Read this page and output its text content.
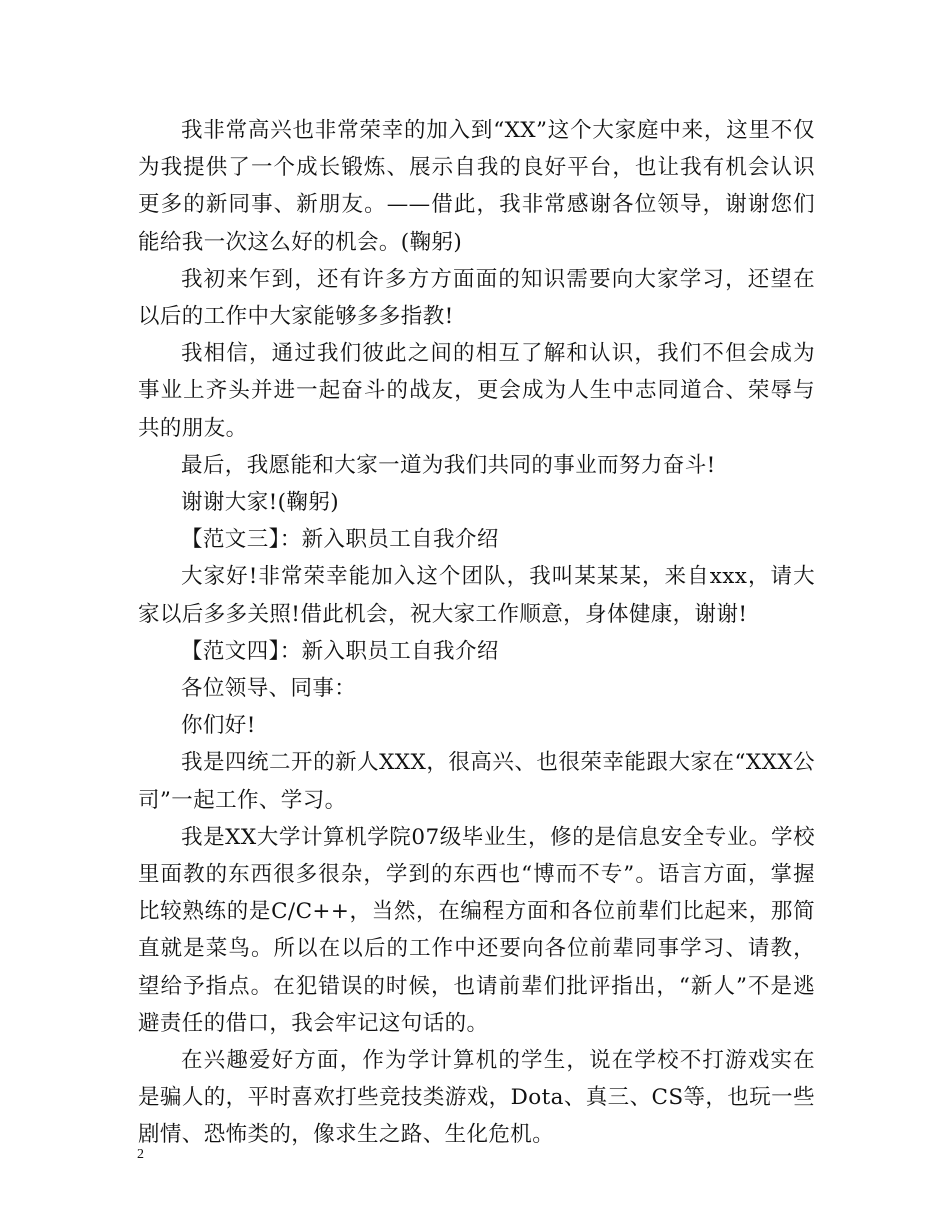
我非常高兴也非常荣幸的加入到“XX”这个大家庭中来，这里不仅为我提供了一个成长锻炼、展示自我的良好平台，也让我有机会认识更多的新同事、新朋友。——借此，我非常感谢各位领导，谢谢您们能给我一次这么好的机会。(鞠躬)

我初来乍到，还有许多方方面面的知识需要向大家学习，还望在以后的工作中大家能够多多指教!

我相信，通过我们彼此之间的相互了解和认识，我们不但会成为事业上齐头并进一起奋斗的战友，更会成为人生中志同道合、荣辱与共的朋友。

最后，我愿能和大家一道为我们共同的事业而努力奋斗!

谢谢大家!(鞠躬)

【范文三】：新入职员工自我介绍

大家好!非常荣幸能加入这个团队，我叫某某某，来自xxx，请大家以后多多关照!借此机会，祝大家工作顺意，身体健康，谢谢!

【范文四】：新入职员工自我介绍

各位领导、同事：

你们好!

我是四统二开的新人XXX，很高兴、也很荣幸能跟大家在“XXX公司”一起工作、学习。

我是XX大学计算机学院07级毕业生，修的是信息安全专业。学校里面教的东西很多很杂，学到的东西也“博而不专”。语言方面，掌握比较熟练的是C/C++，当然，在编程方面和各位前辈们比起来，那简直就是菜鸟。所以在以后的工作中还要向各位前辈同事学习、请教，望给予指点。在犯错误的时候，也请前辈们批评指出，“新人”不是逃避责任的借口，我会牢记这句话的。

在兴趣爱好方面，作为学计算机的学生，说在学校不打游戏实在是骗人的，平时喜欢打些竞技类游戏，Dota、真三、CS等，也玩一些剧情、恐怖类的，像求生之路、生化危机。

2
